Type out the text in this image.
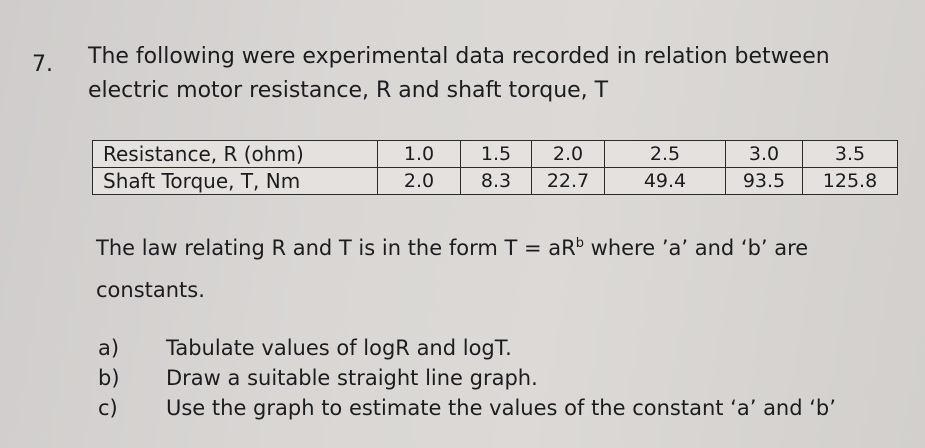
7. The following were experimental data recorded in relation between
electric motor resistance, R and shaft torque, T
Resistance, R (ohm)	1.0	1.5	2.0	2.5	3.0	3.5
Shaft Torque, T, Nm	2.0	8.3	22.7	49.4	93.5	125.8
The law relating R and T is in the form $T = aR^b$ where ’a’ and ‘b’ are
constants.
a) Tabulate values of logR and logT.
b) Draw a suitable straight line graph.
c) Use the graph to estimate the values of the constant ‘a’ and ‘b’
